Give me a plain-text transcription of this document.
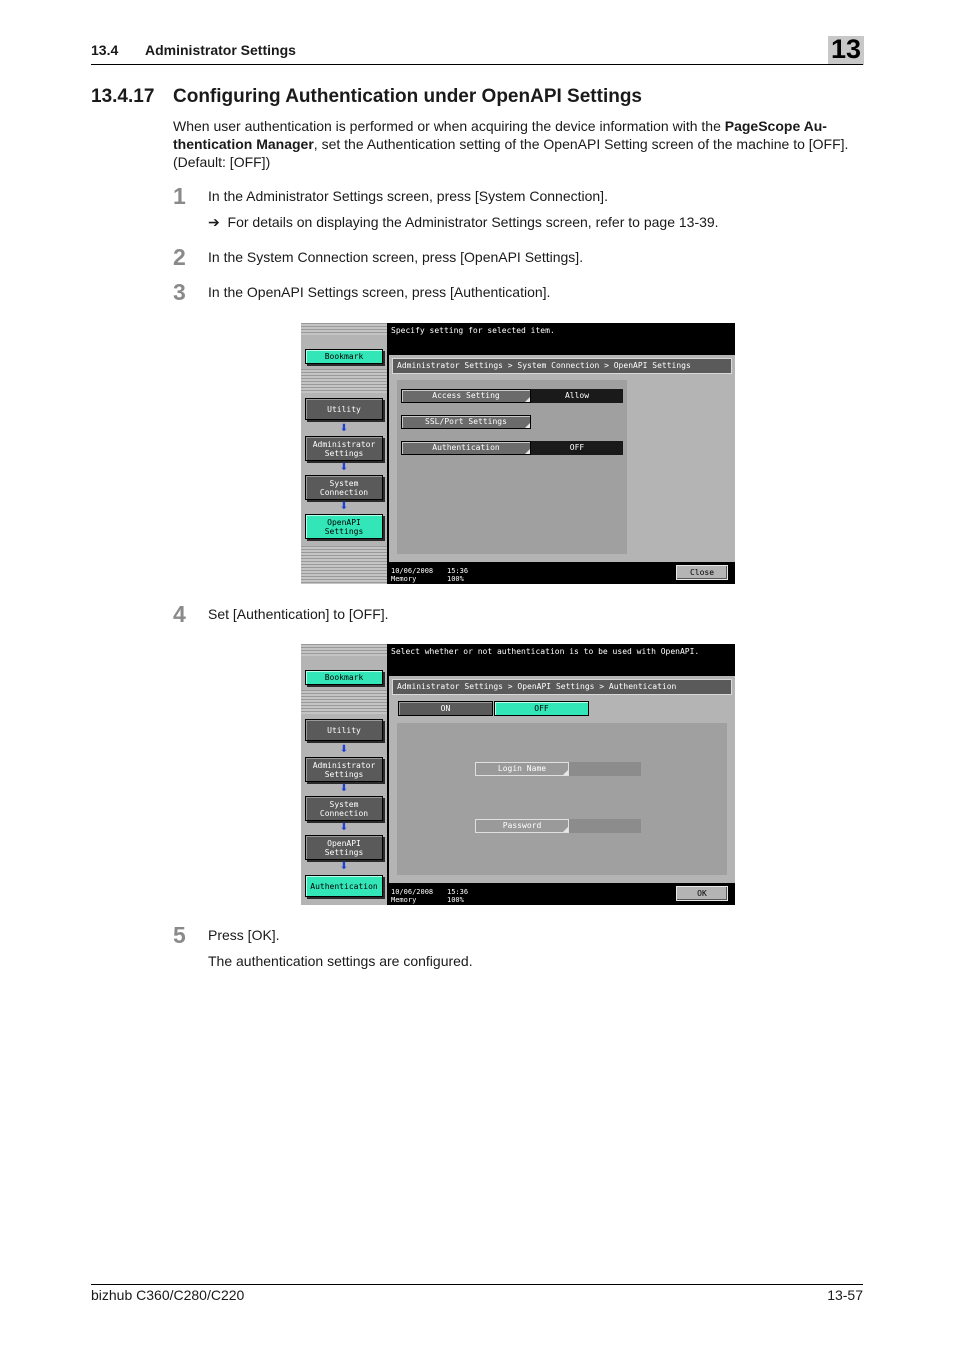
13.4 Administrator Settings	13
13.4.17 Configuring Authentication under OpenAPI Settings
When user authentication is performed or when acquiring the device information with the PageScope Au-thentication Manager, set the Authentication setting of the OpenAPI Setting screen of the machine to [OFF]. (Default: [OFF])
1 In the Administrator Settings screen, press [System Connection].
➔ For details on displaying the Administrator Settings screen, refer to page 13-39.
2 In the System Connection screen, press [OpenAPI Settings].
3 In the OpenAPI Settings screen, press [Authentication].
Bookmark
Utility
⬇
Administrator
Settings
⬇
System
Connection
⬇
OpenAPI
Settings
Specify setting for selected item.
Administrator Settings > System Connection > OpenAPI Settings
Access Setting	Allow
SSL/Port Settings
Authentication	OFF
10/06/2008 15:36
Memory	100%
Close
4 Set [Authentication] to [OFF].
Bookmark
Utility
⬇
Administrator
Settings
⬇
System
Connection
⬇
OpenAPI
Settings
⬇
Authentication
Select whether or not authentication is to be used with OpenAPI.
Administrator Settings > OpenAPI Settings > Authentication
ON	OFF
Login Name
Password
10/06/2008 15:36
Memory	100%
OK
5 Press [OK].
The authentication settings are configured.
bizhub C360/C280/C220	13-57
